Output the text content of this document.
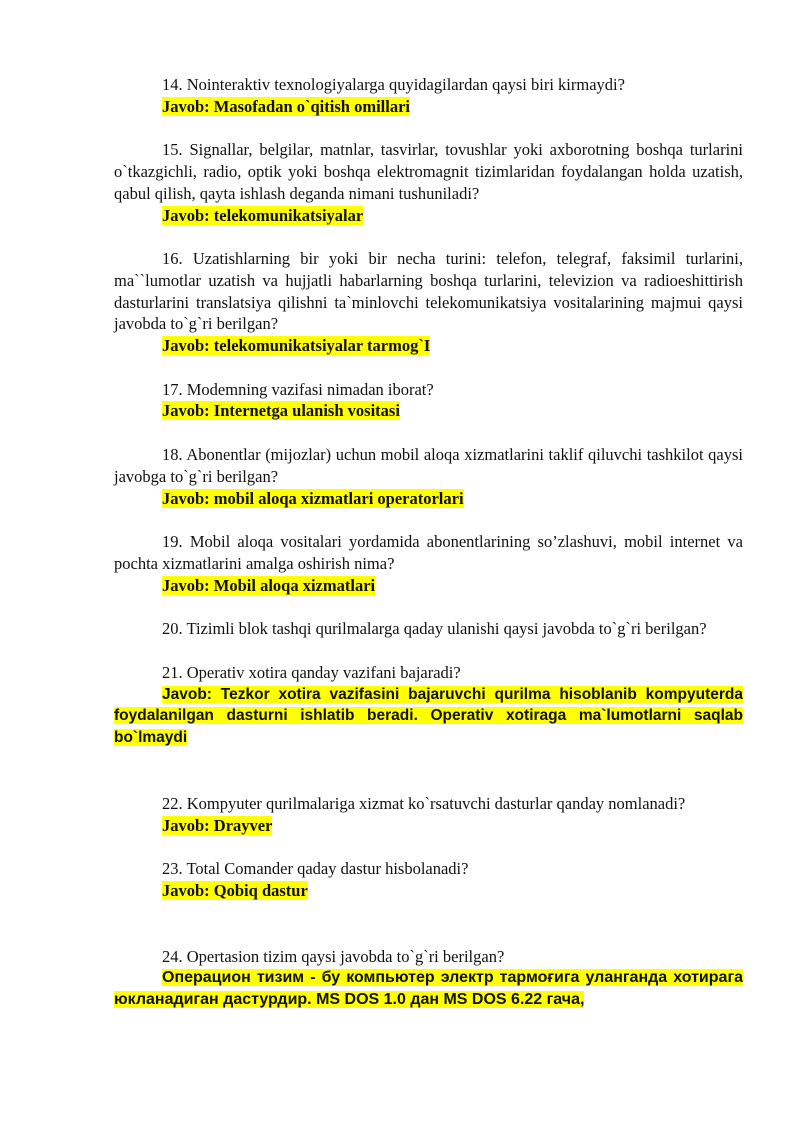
14. Nointeraktiv texnologiyalarga quyidagilardan qaysi biri kirmaydi?

Javob: Masofadan o`qitish omillari

15. Signallar, belgilar, matnlar, tasvirlar, tovushlar yoki axborotning boshqa turlarini o`tkazgichli, radio, optik yoki boshqa elektromagnit tizimlaridan foydalangan holda uzatish, qabul qilish, qayta ishlash deganda nimani tushuniladi?

Javob: telekomunikatsiyalar

16. Uzatishlarning bir yoki bir necha turini: telefon, telegraf, faksimil turlarini, ma``lumotlar uzatish va hujjatli habarlarning boshqa turlarini, televizion va radioeshittirish dasturlarini translatsiya qilishni ta`minlovchi telekomunikatsiya vositalarining majmui qaysi javobda to`g`ri berilgan?

Javob: telekomunikatsiyalar tarmog`I

17. Modemning vazifasi nimadan iborat?

Javob: Internetga ulanish vositasi

18. Abonentlar (mijozlar) uchun mobil aloqa xizmatlarini taklif qiluvchi tashkilot qaysi javobga to`g`ri berilgan?

Javob: mobil aloqa xizmatlari operatorlari

19. Mobil aloqa vositalari yordamida abonentlarining so’zlashuvi, mobil internet va pochta xizmatlarini amalga oshirish nima?

Javob: Mobil aloqa xizmatlari

20. Tizimli blok tashqi qurilmalarga qaday ulanishi qaysi javobda to`g`ri berilgan?

21. Operativ xotira qanday vazifani bajaradi?

Javob: Tezkor xotira vazifasini bajaruvchi qurilma hisoblanib kompyuterda foydalanilgan dasturni ishlatib beradi. Operativ xotiraga ma`lumotlarni saqlab bo`lmaydi

22. Kompyuter qurilmalariga xizmat ko`rsatuvchi dasturlar qanday nomlanadi?

Javob: Drayver

23. Total Comander qaday dastur hisbolanadi?

Javob: Qobiq dastur

24. Opertasion tizim qaysi javobda to`g`ri berilgan?

Операцион тизим - бу компьютер электр тармоғига уланганда хотирага юкланадиган дастурдир. MS DOS 1.0 дан MS DOS 6.22 гача,
